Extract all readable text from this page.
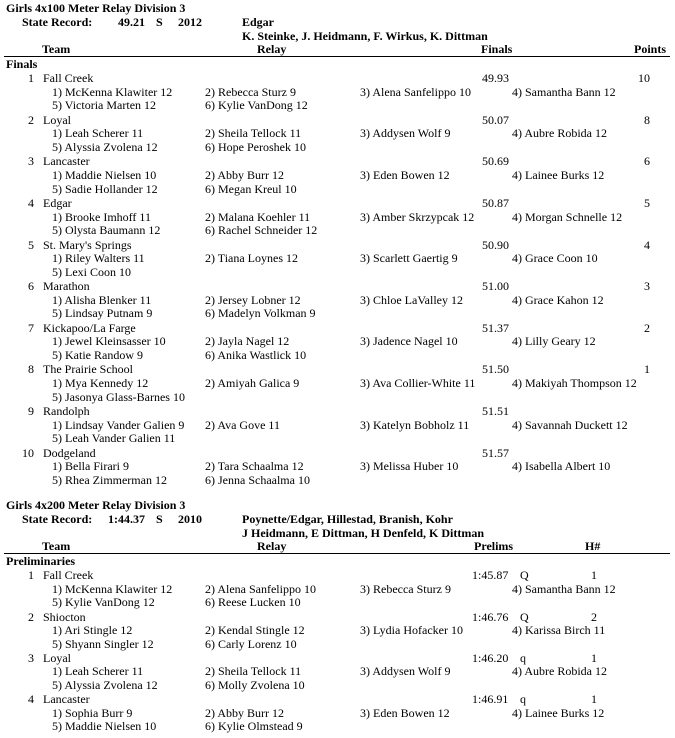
Girls 4x100 Meter Relay Division 3
State Record: 49.21 S 2012	Edgar
K. Steinke, J. Heidmann, F. Wirkus, K. Dittman
Team	Relay	Finals	Points
Finals
1 Fall Creek	49.93	10
1) McKenna Klawiter 12	2) Rebecca Sturz 9	3) Alena Sanfelippo 10	4) Samantha Bann 12
5) Victoria Marten 12	6) Kylie VanDong 12
2 Loyal	50.07	8
1) Leah Scherer 11	2) Sheila Tellock 11	3) Addysen Wolf 9	4) Aubre Robida 12
5) Alyssia Zvolena 12	6) Hope Peroshek 10
3 Lancaster	50.69	6
1) Maddie Nielsen 10	2) Abby Burr 12	3) Eden Bowen 12	4) Lainee Burks 12
5) Sadie Hollander 12	6) Megan Kreul 10
4 Edgar	50.87	5
1) Brooke Imhoff 11	2) Malana Koehler 11	3) Amber Skrzypcak 12	4) Morgan Schnelle 12
5) Olysta Baumann 12	6) Rachel Schneider 12
5 St. Mary's Springs	50.90	4
1) Riley Walters 11	2) Tiana Loynes 12	3) Scarlett Gaertig 9	4) Grace Coon 10
5) Lexi Coon 10
6 Marathon	51.00	3
1) Alisha Blenker 11	2) Jersey Lobner 12	3) Chloe LaValley 12	4) Grace Kahon 12
5) Lindsay Putnam 9	6) Madelyn Volkman 9
7 Kickapoo/La Farge	51.37	2
1) Jewel Kleinsasser 10	2) Jayla Nagel 12	3) Jadence Nagel 10	4) Lilly Geary 12
5) Katie Randow 9	6) Anika Wastlick 10
8 The Prairie School	51.50	1
1) Mya Kennedy 12	2) Amiyah Galica 9	3) Ava Collier-White 11	4) Makiyah Thompson 12
5) Jasonya Glass-Barnes 10
9 Randolph	51.51
1) Lindsay Vander Galien 9 2) Ava Gove 11	3) Katelyn Bobholz 11	4) Savannah Duckett 12
5) Leah Vander Galien 11
10 Dodgeland	51.57
1) Bella Firari 9	2) Tara Schaalma 12	3) Melissa Huber 10	4) Isabella Albert 10
5) Rhea Zimmerman 12	6) Jenna Schaalma 10
Girls 4x200 Meter Relay Division 3
State Record: 1:44.37 S 2010	Poynette/Edgar, Hillestad, Branish, Kohr
J Heidmann, E Dittman, H Denfeld, K Dittman
Team	Relay	Prelims	H#
Preliminaries
1 Fall Creek	1:45.87 Q	1
1) McKenna Klawiter 12	2) Alena Sanfelippo 10	3) Rebecca Sturz 9	4) Samantha Bann 12
5) Kylie VanDong 12	6) Reese Lucken 10
2 Shiocton	1:46.76 Q	2
1) Ari Stingle 12	2) Kendal Stingle 12	3) Lydia Hofacker 10	4) Karissa Birch 11
5) Shyann Singler 12	6) Carly Lorenz 10
3 Loyal	1:46.20 q	1
1) Leah Scherer 11	2) Sheila Tellock 11	3) Addysen Wolf 9	4) Aubre Robida 12
5) Alyssia Zvolena 12	6) Molly Zvolena 10
4 Lancaster	1:46.91 q	1
1) Sophia Burr 9	2) Abby Burr 12	3) Eden Bowen 12	4) Lainee Burks 12
5) Maddie Nielsen 10	6) Kylie Olmstead 9
